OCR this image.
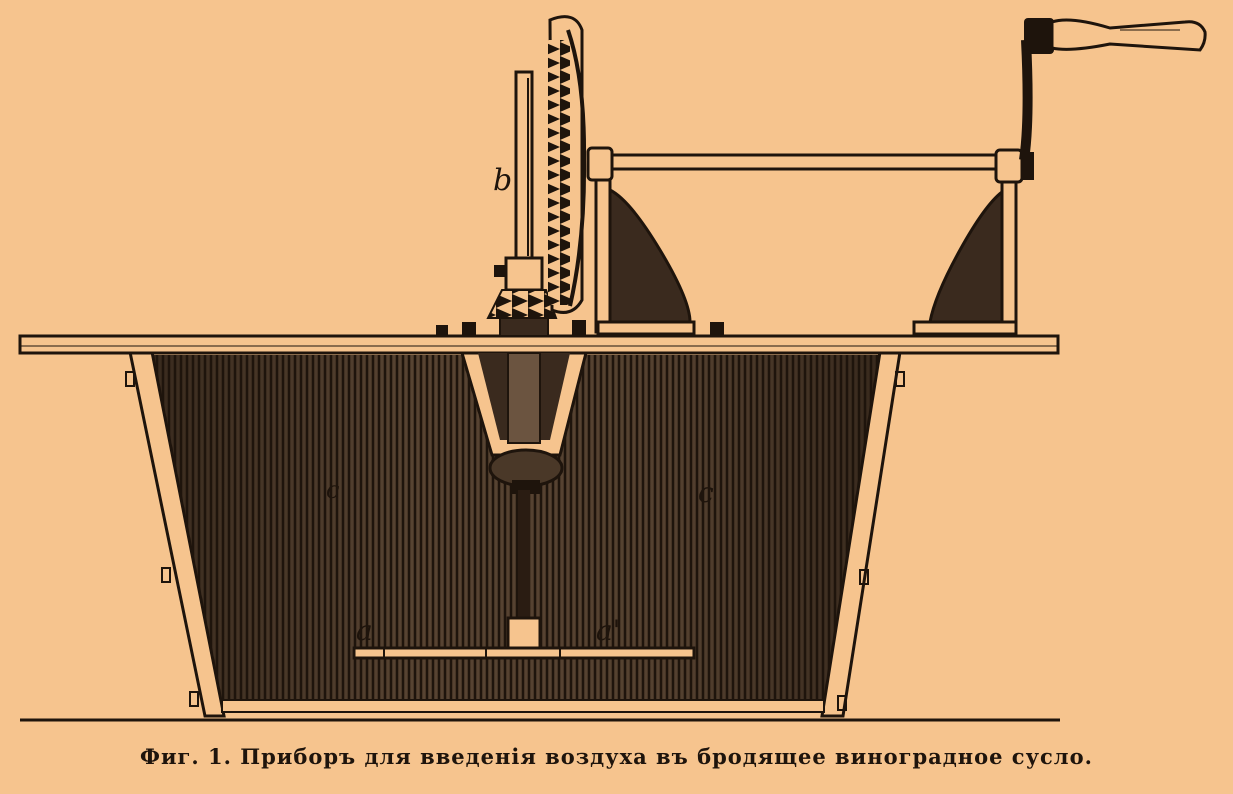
b
c	c
a	a'
Фиг. 1. Приборъ для введенія воздуха въ бродящее виноградное сусло.
